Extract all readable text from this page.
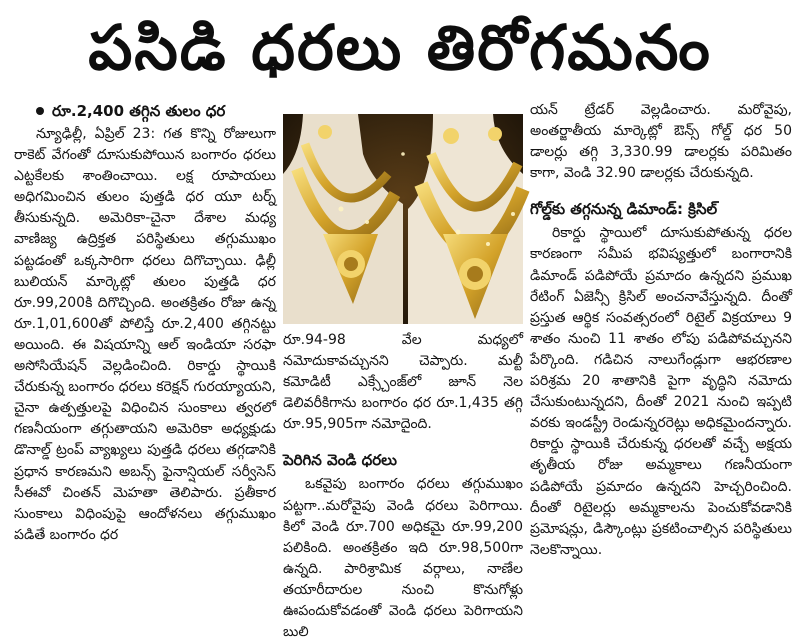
పసిడి ధరలు తిరోగమనం
రూ.2,400 తగ్గిన తులం ధర

న్యూఢిల్లీ, ఏప్రిల్ 23: గత కొన్ని రోజులుగా రాకెట్ వేగంతో దూసుకుపోయిన బంగారం ధరలు ఎట్టకేలకు శాంతించాయి. లక్ష రూపాయలు అధిగమించిన తులం పుత్తడి ధర యూ టర్న్ తీసుకున్నది. అమెరికా-చైనా దేశాల మధ్య వాణిజ్య ఉద్రిక్తత పరిస్థితులు తగ్గుముఖం పట్టడంతో ఒక్కసారిగా ధరలు దిగొచ్చాయి. ఢిల్లీ బులియన్ మార్కెట్లో తులం పుత్తడి ధర రూ.99,200కి దిగొచ్చింది. అంతక్రితం రోజు ఉన్న రూ.1,01,600తో పోలిస్తే రూ.2,400 తగ్గినట్టు అయింది. ఈ విషయాన్ని ఆల్ ఇండియా సరఫా అసోసియేషన్ వెల్లడించింది. రికార్డు స్థాయికి చేరుకున్న బంగారం ధరలు కరెక్షన్ గురయ్యాయని, చైనా ఉత్పత్తులపై విధించిన సుంకాలు త్వరలో గణనీయంగా తగ్గుతాయని అమెరికా అధ్యక్షుడు డొనాల్డ్ ట్రంప్ వ్యాఖ్యలు పుత్తడి ధరలు తగ్గడానికి ప్రధాన కారణమని అబన్స్ ఫైనాన్షియల్ సర్వీసెస్ సీఈవో చింతన్ మెహతా తెలిపారు. ప్రతీకార సుంకాలు విధింపుపై ఆందోళనలు తగ్గుముఖం పడితే బంగారం ధర

రూ.94-98 వేల మధ్యలో నమోదుకావచ్చునని చెప్పారు. మల్టీ కమోడిటీ ఎక్స్చేంజ్‌లో జూన్ నెల డెలివరీకిగాను బంగారం ధర రూ.1,435 తగ్గి రూ.95,905గా నమోదైంది.

పెరిగిన వెండి ధరలు

ఒకవైపు బంగారం ధరలు తగ్గుముఖం పట్టగా..మరోవైపు వెండి ధరలు పెరిగాయి. కిలో వెండి రూ.700 అధికమై రూ.99,200 పలికింది. అంతక్రితం ఇది రూ.98,500గా ఉన్నది. పారిశ్రామిక వర్గాలు, నాణేల తయారీదారుల నుంచి కొనుగోళ్లు ఊపందుకోవడంతో వెండి ధరలు పెరిగాయని బులి

యన్ ట్రేడర్ వెల్లడించారు. మరోవైపు, అంతర్జాతీయ మార్కెట్లో ఔన్స్ గోల్డ్ ధర 50 డాలర్లు తగ్గి 3,330.99 డాలర్లకు పరిమితం కాగా, వెండి 32.90 డాలర్లకు చేరుకున్నది.

గోల్డ్‌కు తగ్గనున్న డిమాండ్: క్రిసిల్

రికార్డు స్థాయిలో దూసుకుపోతున్న ధరల కారణంగా సమీప భవిష్యత్తులో బంగారానికి డిమాండ్ పడిపోయే ప్రమాదం ఉన్నదని ప్రముఖ రేటింగ్ ఏజెన్సీ క్రిసిల్ అంచనావేస్తున్నది. దీంతో ప్రస్తుత ఆర్థిక సంవత్సరంలో రిటైల్ విక్రయాలు 9 శాతం నుంచి 11 శాతం లోపు పడిపోవచ్చునని పేర్కొంది. గడిచిన నాలుగేండ్లుగా ఆభరణాల పరిశ్రమ 20 శాతానికి పైగా వృద్ధిని నమోదు చేసుకుంటున్నదని, దీంతో 2021 నుంచి ఇప్పటి వరకు ఇండస్ట్రీ రెండున్నరరెట్లు అధికమైందన్నారు. రికార్డు స్థాయికి చేరుకున్న ధరలతో వచ్చే అక్షయ తృతీయ రోజు అమ్మకాలు గణనీయంగా పడిపోయే ప్రమాదం ఉన్నదని హెచ్చరించింది. దీంతో రిటైలర్లు అమ్మకాలను పెంచుకోవడానికి ప్రమోషన్లు, డిస్కౌంట్లు ప్రకటించాల్సిన పరిస్థితులు నెలకొన్నాయి.
